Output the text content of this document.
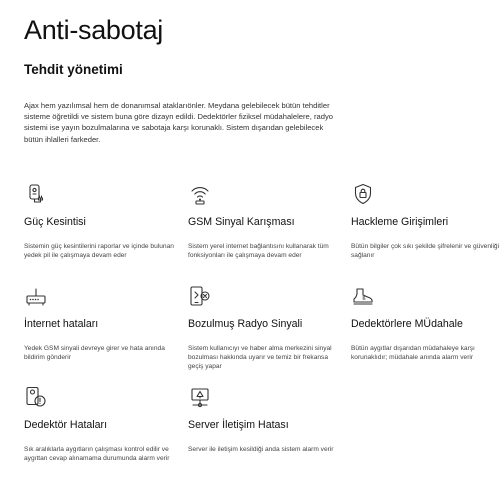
Anti-sabotaj
Tehdit yönetimi

Ajax hem yazılımsal hem de donanımsal ataklarıönler. Meydana gelebilecek bütün tehditler sisteme öğretildi ve sistem buna göre dizayn edildi. Dedektörler fiziksel müdahalelere, radyo sistemi ise yayın bozulmalarına ve sabotaja karşı korunaklı. Sistem dışarıdan gelebilecek bütün ihlalleri farkeder.

Güç Kesintisi
Sistemin güç kesintilerini raporlar ve içinde bulunan yedek pil ile çalışmaya devam eder
GSM Sinyal Karışması
Sistem yerel internet bağlantısını kullanarak tüm fonksiyonları ile çalışmaya devam eder
Hackleme Girişimleri
Bütün bilgiler çok sıkı şekilde şifrelenir ve güvenliği sağlanır
İnternet hataları
Yedek GSM sinyali devreye girer ve hata anında bildirim gönderir
Bozulmuş Radyo Sinyali
Sistem kullanıcıyı ve haber alma merkezini sinyal bozulması hakkında uyarır ve temiz bir frekansa geçiş yapar
Dedektörlere MÜdahale
Bütün aygıtlar dışarıdan müdahaleye karşı korunaklıdır; müdahale anında alarm verir
Dedektör Hataları
Sık aralıklarla aygıtların çalışması kontrol edilir ve aygıttan cevap alınamama durumunda alarm verir
Server İletişim Hatası
Server ile iletişim kesildiği anda sistem alarm verir
